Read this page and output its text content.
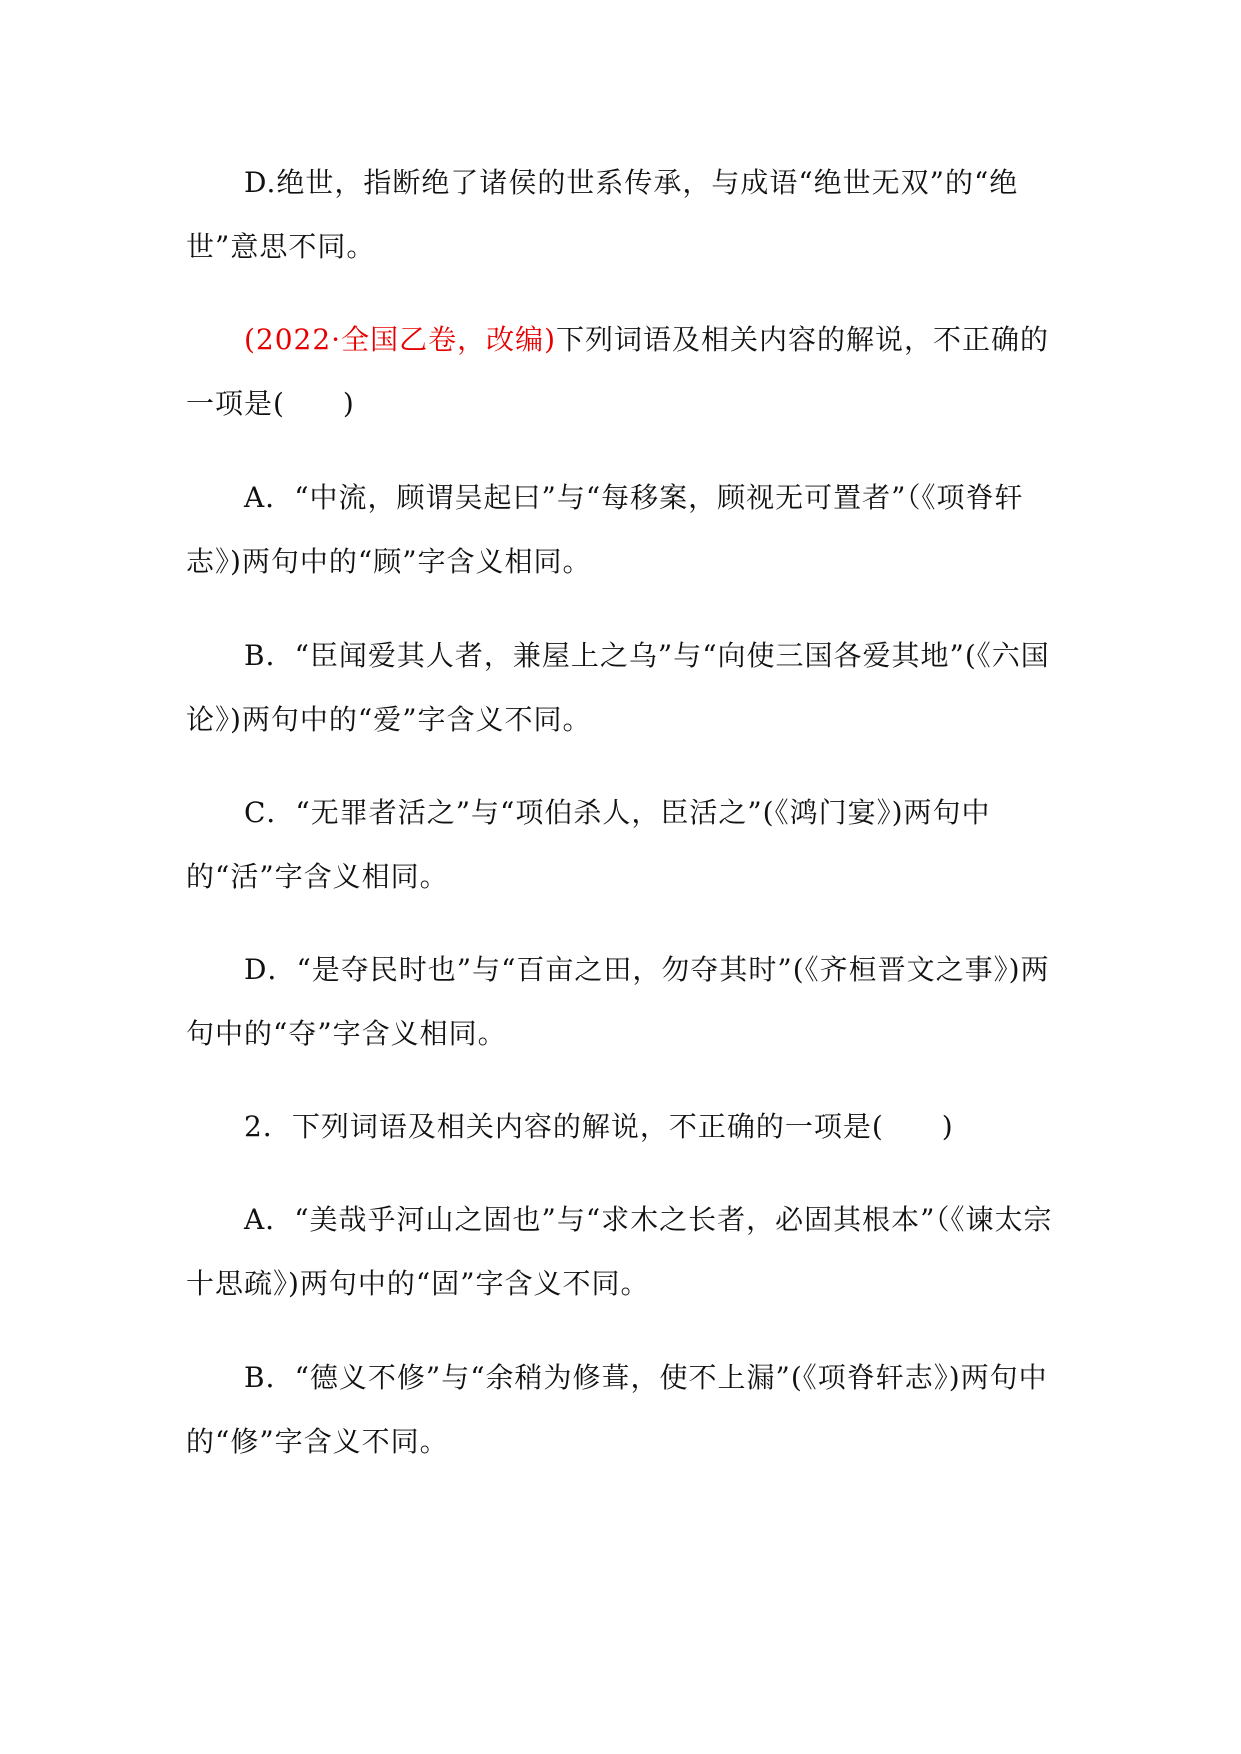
D.绝世，指断绝了诸侯的世系传承，与成语“绝世无双”的“绝世”意思不同。

(2022·全国乙卷，改编)下列词语及相关内容的解说，不正确的一项是(　　)

A．“中流，顾谓吴起曰”与“每移案，顾视无可置者”（《项脊轩志》)两句中的“顾”字含义相同。

B．“臣闻爱其人者，兼屋上之乌”与“向使三国各爱其地”(《六国论》)两句中的“爱”字含义不同。

C．“无罪者活之”与“项伯杀人，臣活之”(《鸿门宴》)两句中的“活”字含义相同。

D．“是夺民时也”与“百亩之田，勿夺其时”(《齐桓晋文之事》)两句中的“夺”字含义相同。

2．下列词语及相关内容的解说，不正确的一项是(　　)

A．“美哉乎河山之固也”与“求木之长者，必固其根本”（《谏太宗十思疏》)两句中的“固”字含义不同。

B．“德义不修”与“余稍为修葺，使不上漏”(《项脊轩志》)两句中的“修”字含义不同。
